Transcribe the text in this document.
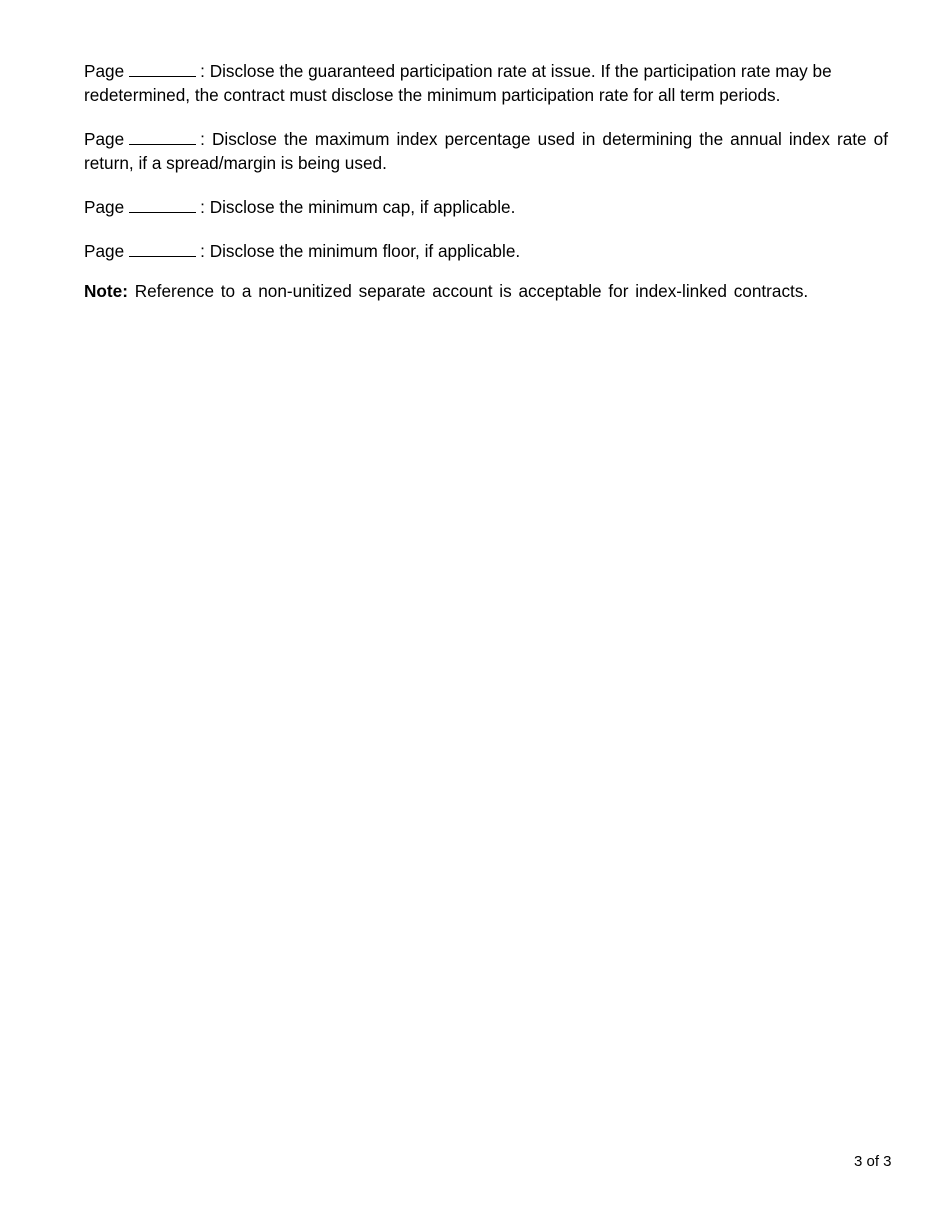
Page	: Disclose the guaranteed participation rate at issue. If the participation rate may be redetermined, the contract must disclose the minimum participation rate for all term periods.

Page	: Disclose the maximum index percentage used in determining the annual index rate of return, if a spread/margin is being used.

Page	: Disclose the minimum cap, if applicable.

Page	: Disclose the minimum floor, if applicable.

Note: Reference to a non-unitized separate account is acceptable for index-linked contracts.

3 of 3
